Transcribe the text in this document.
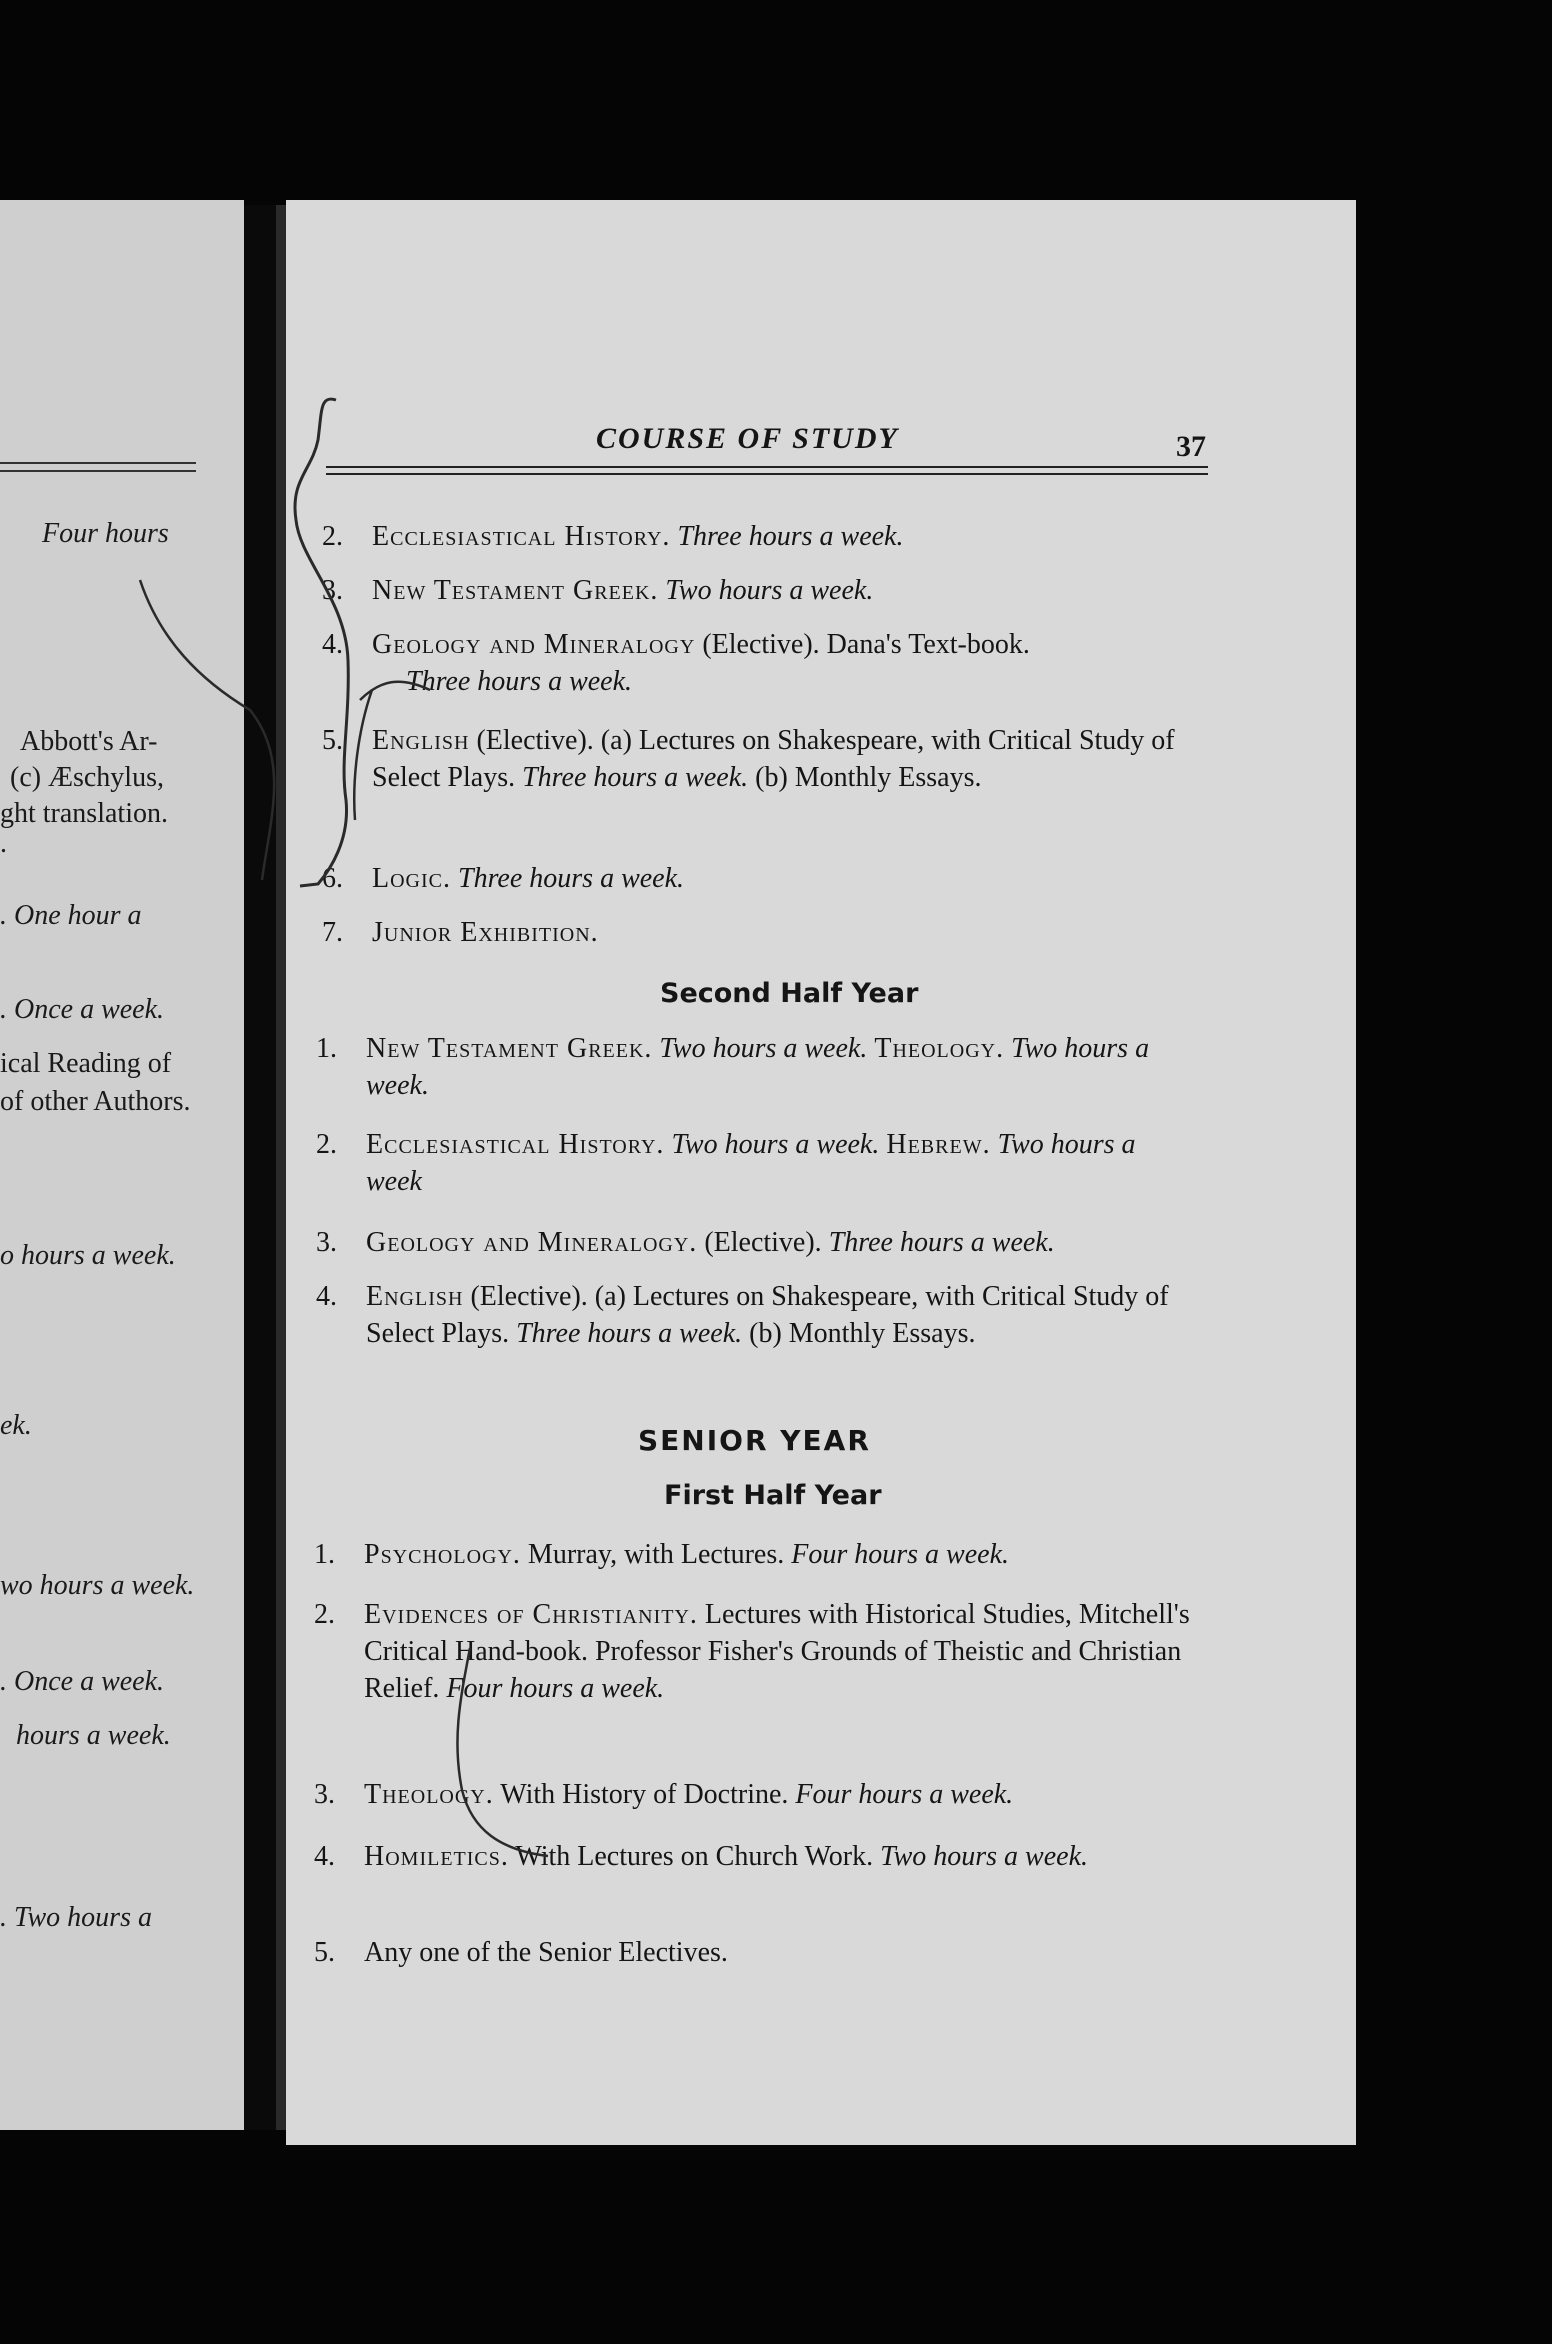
Four hours
Abbott's Ar-
(c) Æschylus,
ght translation.
.
. One hour a
. Once a week.
ical Reading of
of other Authors.
o hours a week.
ek.
wo hours a week.
. Once a week.
hours a week.
. Two hours a
COURSE OF STUDY	37
2.	Ecclesiastical History. Three hours a week.
3.	New Testament Greek. Two hours a week.
4.	Geology and Mineralogy (Elective). Dana's Text-book.
Three hours a week.
5.	English (Elective). (a) Lectures on Shakespeare, with Critical Study of Select Plays. Three hours a week. (b) Monthly Essays.
6.	Logic. Three hours a week.
7.	Junior Exhibition.
Second Half Year
1.	New Testament Greek. Two hours a week. Theology. Two hours a week.
2.	Ecclesiastical History. Two hours a week. Hebrew. Two hours a week
3.	Geology and Mineralogy. (Elective). Three hours a week.
4.	English (Elective). (a) Lectures on Shakespeare, with Critical Study of Select Plays. Three hours a week. (b) Monthly Essays.
SENIOR YEAR
First Half Year
1.	Psychology. Murray, with Lectures. Four hours a week.
2.	Evidences of Christianity. Lectures with Historical Studies, Mitchell's Critical Hand-book. Professor Fisher's Grounds of Theistic and Christian Relief. Four hours a week.
3.	Theology. With History of Doctrine. Four hours a week.
4.	Homiletics. With Lectures on Church Work. Two hours a week.
5.	Any one of the Senior Electives.
